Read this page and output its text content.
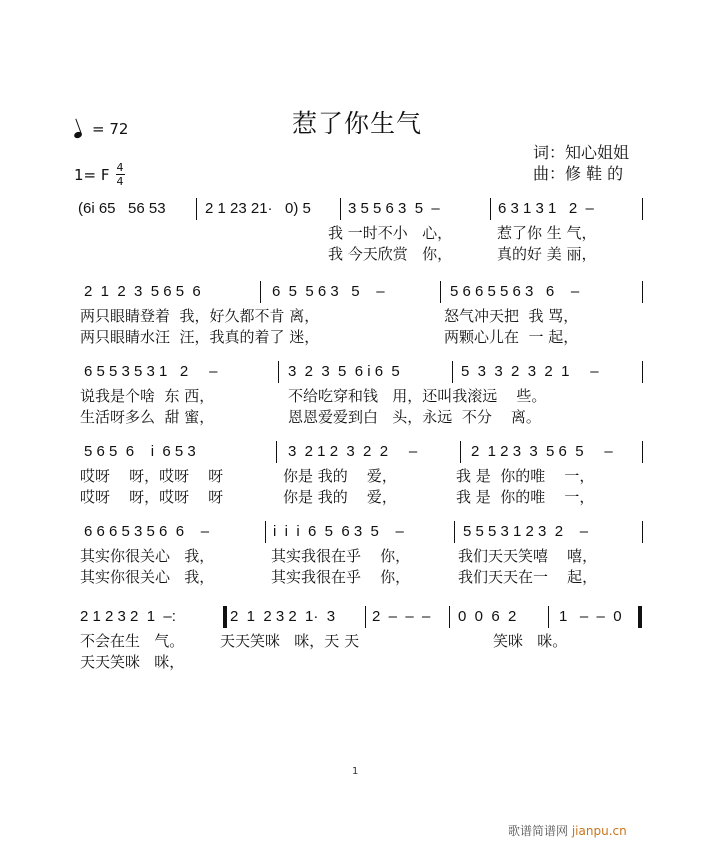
惹了你生气
= 72
1= F $\frac{4}{4}$
词：知心姐姐
曲：修 鞋 的
(6i 65   56 53	2 1 23 21·   0) 5 3 5 5 6 3  5  –	6 3 1 3 1   2  –
我 一时不小   心，	惹了你 生 气，
我 今天欣赏   你，	真的好 美 丽，
2  1  2  3  5 6 5  6	6  5  5 6 3   5    –	5 6 6 5 5 6 3   6    –
两只眼睛登着  我，好久都不肯 离，	怒气冲天把  我 骂，
两只眼睛水汪  汪，我真的着了 迷，	两颗心儿在  一 起，
6 5 5 3 5 3 1   2     –	3  2  3  5  6 i 6  5	5  3  3  2  3  2  1     –
说我是个啥  东 西，	不给吃穿和钱   用，还叫我滚远    些。
生活呀多么  甜 蜜，	恩恩爱爱到白   头，永远  不分    离。
5 6 5  6    i  6 5 3	3  2 1 2  3  2  2     –	2  1 2 3  3  5 6  5     –
哎呀    呀，哎呀    呀	你是 我的    爱，	我 是  你的唯    一，
哎呀    呀，哎呀    呀	你是 我的    爱，	我 是  你的唯    一，
6 6 6 5 3 5 6  6    –	i  i  i  6  5  6 3  5    –	5 5 5 3 1 2 3  2    –
其实你很关心   我，	其实我很在乎    你，	我们天天笑嘻    嘻，
其实你很关心   我，	其实我很在乎    你，	我们天天在一    起，
2 1 2 3 2  1  –:	2  1  2 3 2  1·  3 2  –  –  – 0  0  6  2	1   –  –  0
不会在生   气。 天天笑咪   咪，天 天	笑咪   咪。
天天笑咪   咪，
1
歌谱简谱网 jianpu.cn
